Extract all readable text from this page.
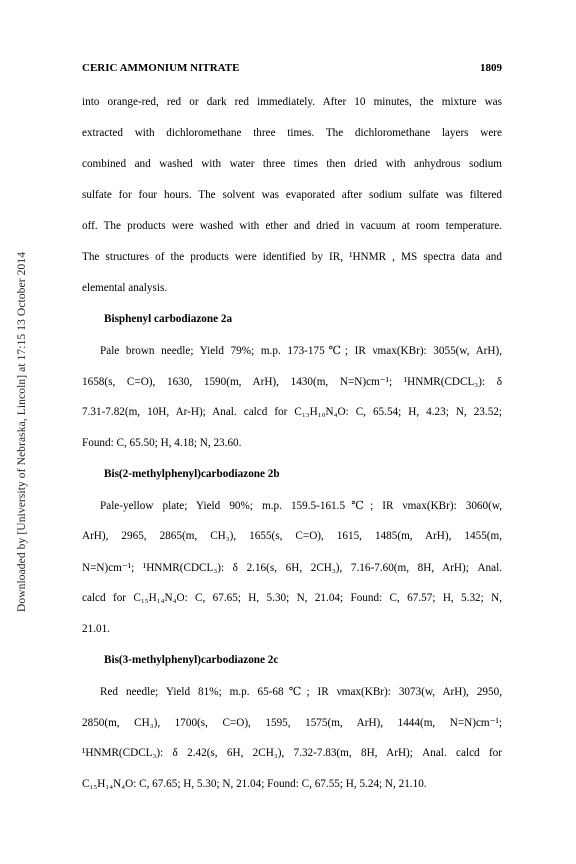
Downloaded by [University of Nebraska, Lincoln] at 17:15 13 October 2014
CERIC AMMONIUM NITRATE	1809
into orange-red, red or dark red immediately. After 10 minutes, the mixture was
extracted with dichloromethane three times. The dichloromethane layers were
combined and washed with water three times then dried with anhydrous sodium
sulfate for four hours. The solvent was evaporated after sodium sulfate was filtered
off. The products were washed with ether and dried in vacuum at room temperature.
The structures of the products were identified by IR, ¹HNMR , MS spectra data and
elemental analysis.
Bisphenyl carbodiazone 2a
Pale brown needle; Yield 79%; m.p. 173-175℃; IR νmax(KBr): 3055(w, ArH),
1658(s, C=O), 1630, 1590(m, ArH), 1430(m, N=N)cm⁻¹; ¹HNMR(CDCL₃): δ
7.31-7.82(m, 10H, Ar-H); Anal. calcd for C₁₃H₁₀N₄O: C, 65.54; H, 4.23; N, 23.52;
Found: C, 65.50; H, 4.18; N, 23.60.
Bis(2-methylphenyl)carbodiazone 2b
Pale-yellow plate; Yield 90%; m.p. 159.5-161.5℃; IR νmax(KBr): 3060(w,
ArH), 2965, 2865(m, CH₃), 1655(s, C=O), 1615, 1485(m, ArH), 1455(m,
N=N)cm⁻¹; ¹HNMR(CDCL₃): δ 2.16(s, 6H, 2CH₃), 7.16-7.60(m, 8H, ArH); Anal.
calcd for C₁₅H₁₄N₄O: C, 67.65; H, 5.30; N, 21.04; Found: C, 67.57; H, 5.32; N,
21.01.
Bis(3-methylphenyl)carbodiazone 2c
Red needle; Yield 81%; m.p. 65-68℃; IR νmax(KBr): 3073(w, ArH), 2950,
2850(m, CH₃), 1700(s, C=O), 1595, 1575(m, ArH), 1444(m, N=N)cm⁻¹;
¹HNMR(CDCL₃): δ 2.42(s, 6H, 2CH₃), 7.32-7.83(m, 8H, ArH); Anal. calcd for
C₁₅H₁₄N₄O: C, 67.65; H, 5.30; N, 21.04; Found: C, 67.55; H, 5.24; N, 21.10.
